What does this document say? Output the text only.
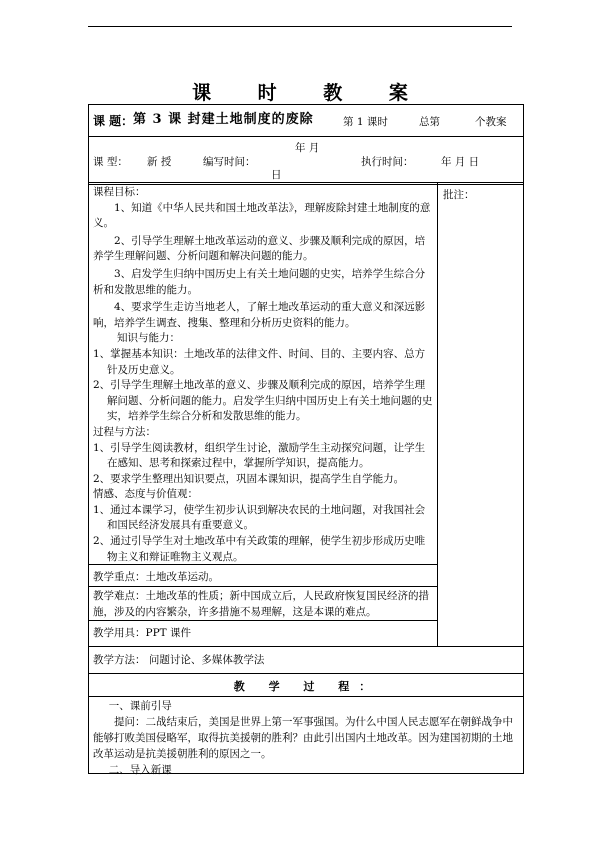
课 时 教 案
课 题： 第 3 课 封建土地制度的废除	第 1 课时	总第	个教案
年 月
课 型： 新 授	编写时间：	执行时间：	年 月 日
日
批注：

课程目标：

1、知道《中华人民共和国土地改革法》，理解废除封建土地制度的意义。

2、引导学生理解土地改革运动的意义、步骤及顺利完成的原因，培养学生理解问题、分析问题和解决问题的能力。

3、启发学生归纳中国历史上有关土地问题的史实，培养学生综合分析和发散思维的能力。

4、要求学生走访当地老人，了解土地改革运动的重大意义和深远影响，培养学生调查、搜集、整理和分析历史资料的能力。

知识与能力：

1、掌握基本知识：土地改革的法律文件、时间、目的、主要内容、总方针及历史意义。

2、引导学生理解土地改革的意义、步骤及顺利完成的原因，培养学生理解问题、分析问题的能力。启发学生归纳中国历史上有关土地问题的史实，培养学生综合分析和发散思维的能力。

过程与方法：

1、引导学生阅读教材，组织学生讨论，激励学生主动探究问题，让学生在感知、思考和探索过程中，掌握所学知识，提高能力。

2、要求学生整理出知识要点，巩固本课知识，提高学生自学能力。

情感、态度与价值观：

1、通过本课学习，使学生初步认识到解决农民的土地问题，对我国社会和国民经济发展具有重要意义。

2、通过引导学生对土地改革中有关政策的理解，使学生初步形成历史唯物主义和辩证唯物主义观点。

教学重点：土地改革运动。

教学难点：土地改革的性质；新中国成立后，人民政府恢复国民经济的措施，涉及的内容繁杂，许多措施不易理解，这是本课的难点。

教学用具：PPT 课件

教学方法： 问题讨论、多媒体教学法

教 学 过 程：

一、课前引导

提问：二战结束后，美国是世界上第一军事强国。为什么中国人民志愿军在朝鲜战争中能够打败美国侵略军，取得抗美援朝的胜利？由此引出国内土地改革。因为建国初期的土地改革运动是抗美援朝胜利的原因之一。

二、导入新课
